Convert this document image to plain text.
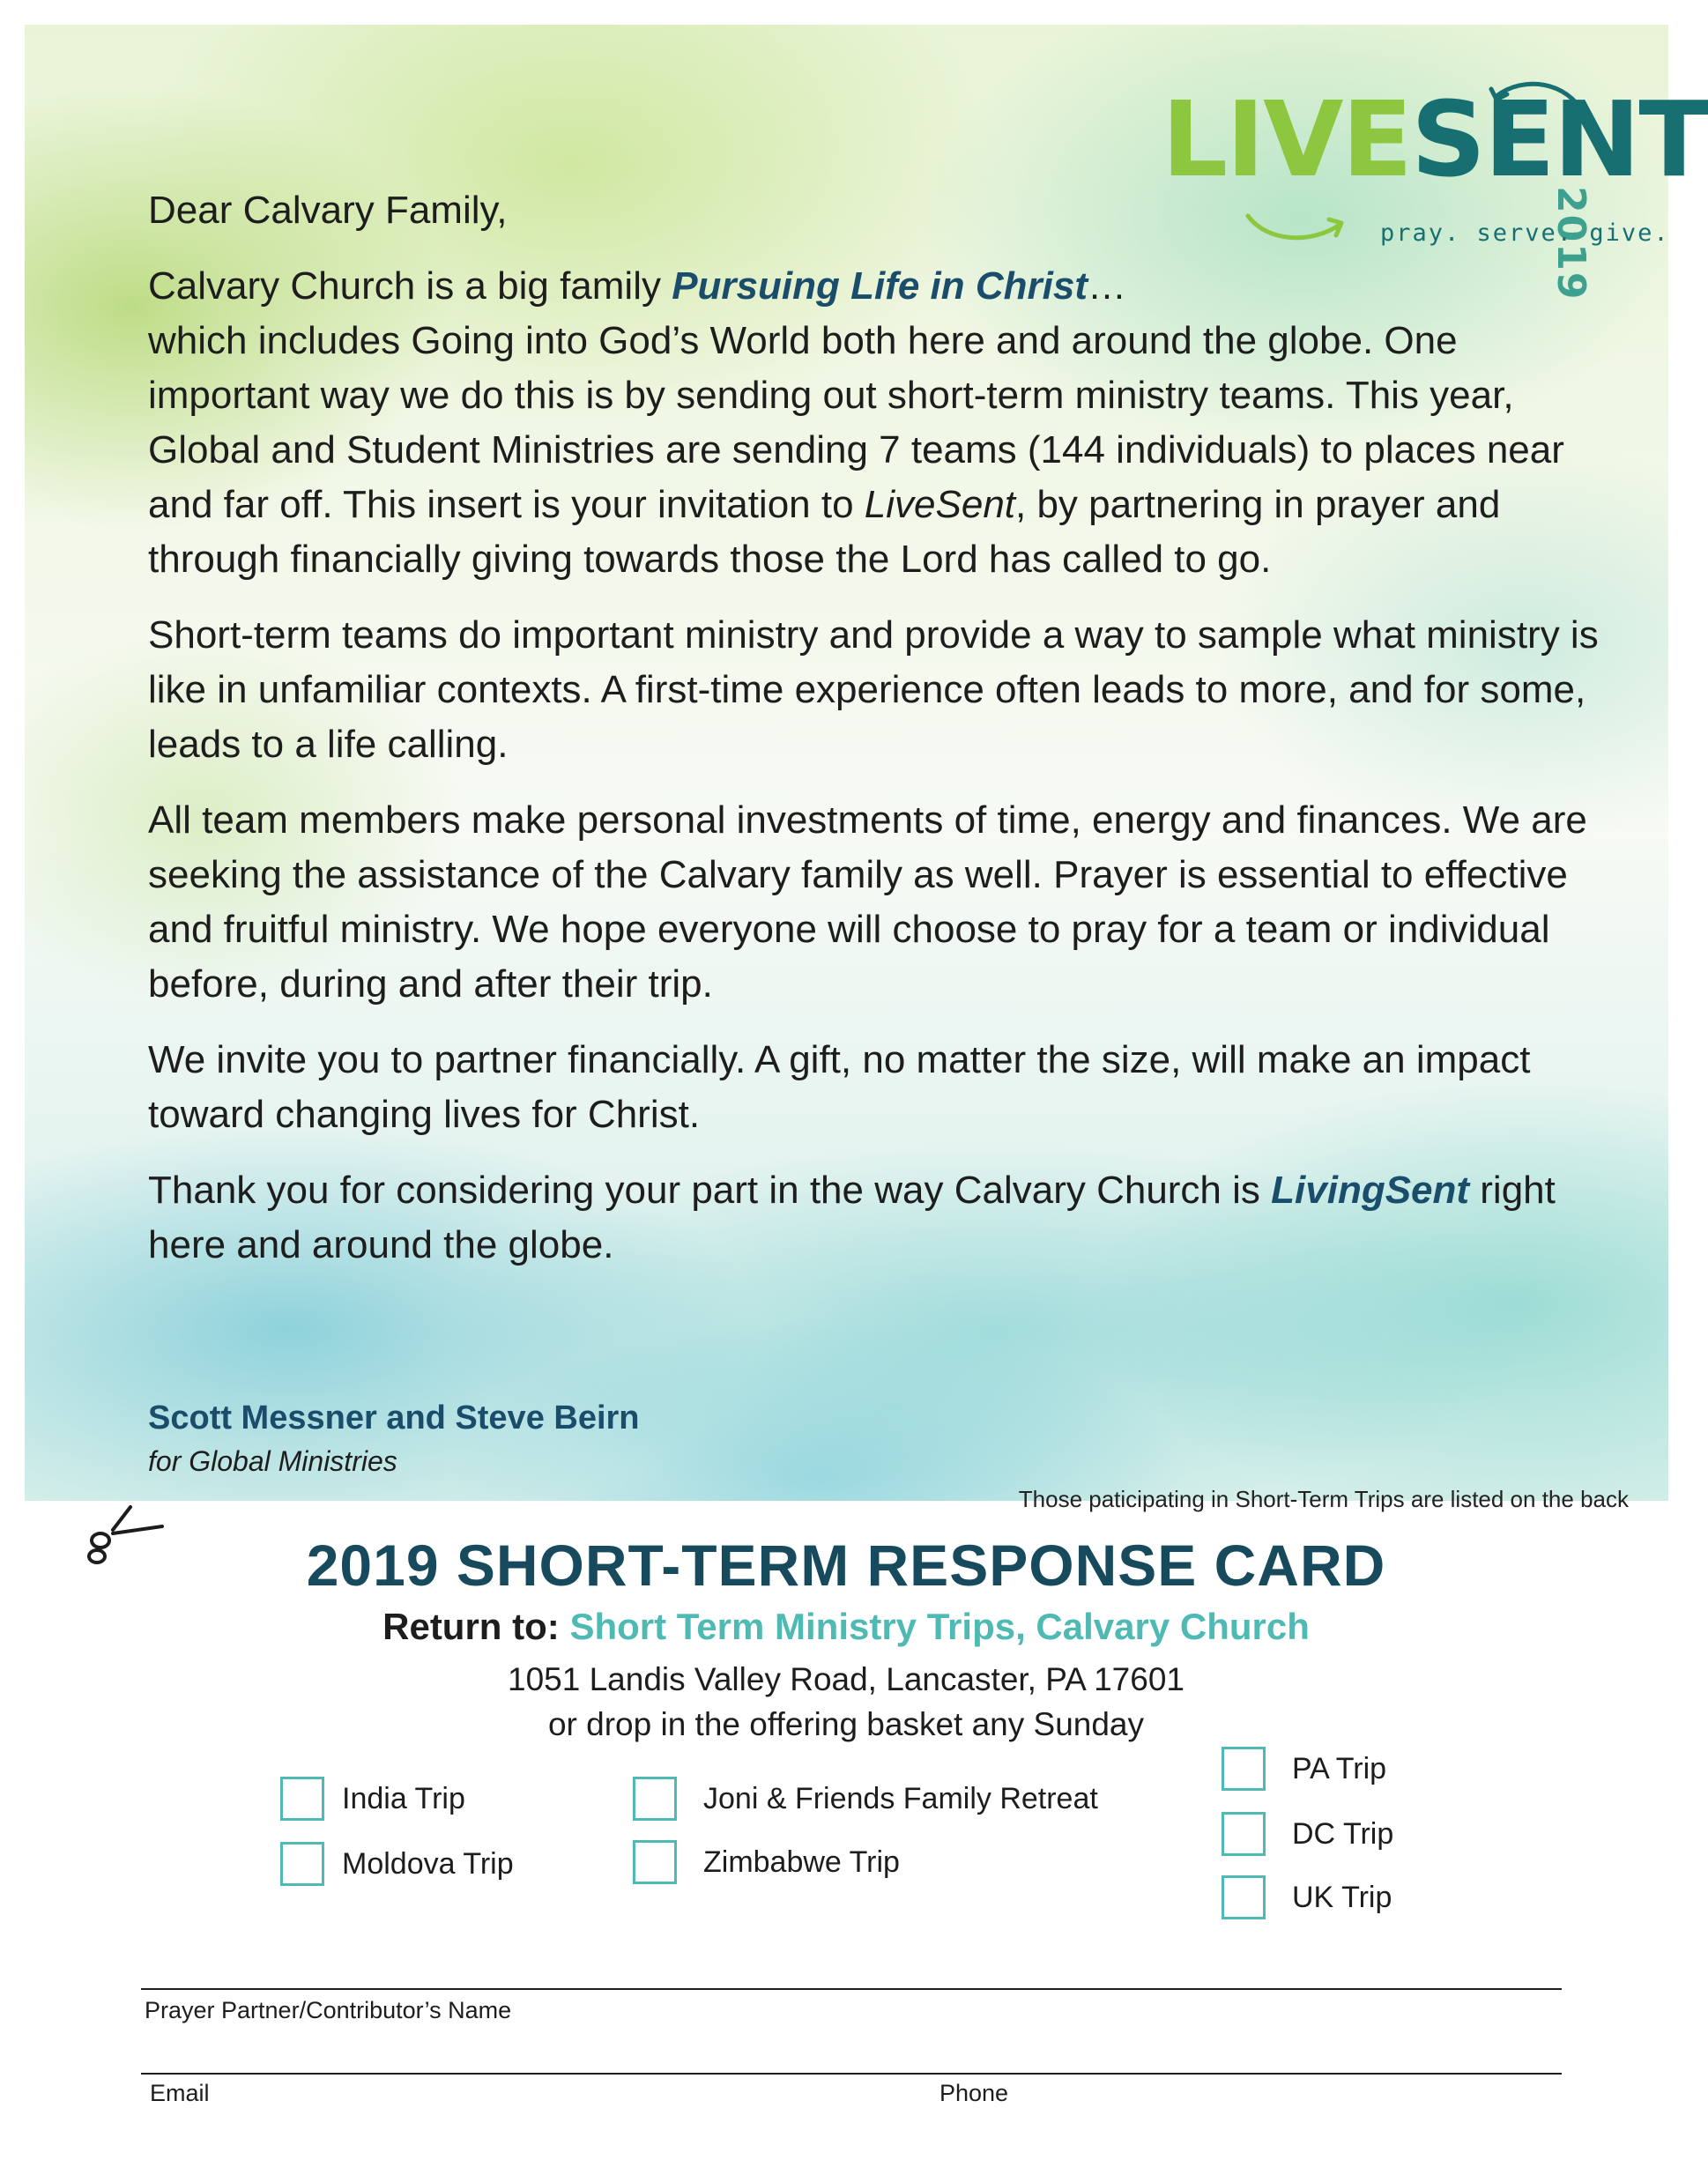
LIVESENT
2019
pray. serve. give.

Dear Calvary Family,

Calvary Church is a big family Pursuing Life in Christ…
which includes Going into God’s World both here and around the globe. One important way we do this is by sending out short-term ministry teams. This year, Global and Student Ministries are sending 7 teams (144 individuals) to places near and far off. This insert is your invitation to LiveSent, by partnering in prayer and through financially giving towards those the Lord has called to go.

Short-term teams do important ministry and provide a way to sample what ministry is like in unfamiliar contexts. A first-time experience often leads to more, and for some, leads to a life calling.

All team members make personal investments of time, energy and finances. We are seeking the assistance of the Calvary family as well. Prayer is essential to effective and fruitful ministry. We hope everyone will choose to pray for a team or individual before, during and after their trip.

We invite you to partner financially. A gift, no matter the size, will make an impact toward changing lives for Christ.

Thank you for considering your part in the way Calvary Church is LivingSent right here and around the globe.

Scott Messner and Steve Beirn
for Global Ministries
Those paticipating in Short-Term Trips are listed on the back
2019 SHORT-TERM RESPONSE CARD
Return to: Short Term Ministry Trips, Calvary Church
1051 Landis Valley Road, Lancaster, PA 17601
or drop in the offering basket any Sunday
India Trip
Moldova Trip
Joni & Friends Family Retreat
Zimbabwe Trip
PA Trip
DC Trip
UK Trip
Prayer Partner/Contributor’s Name
Email	Phone
